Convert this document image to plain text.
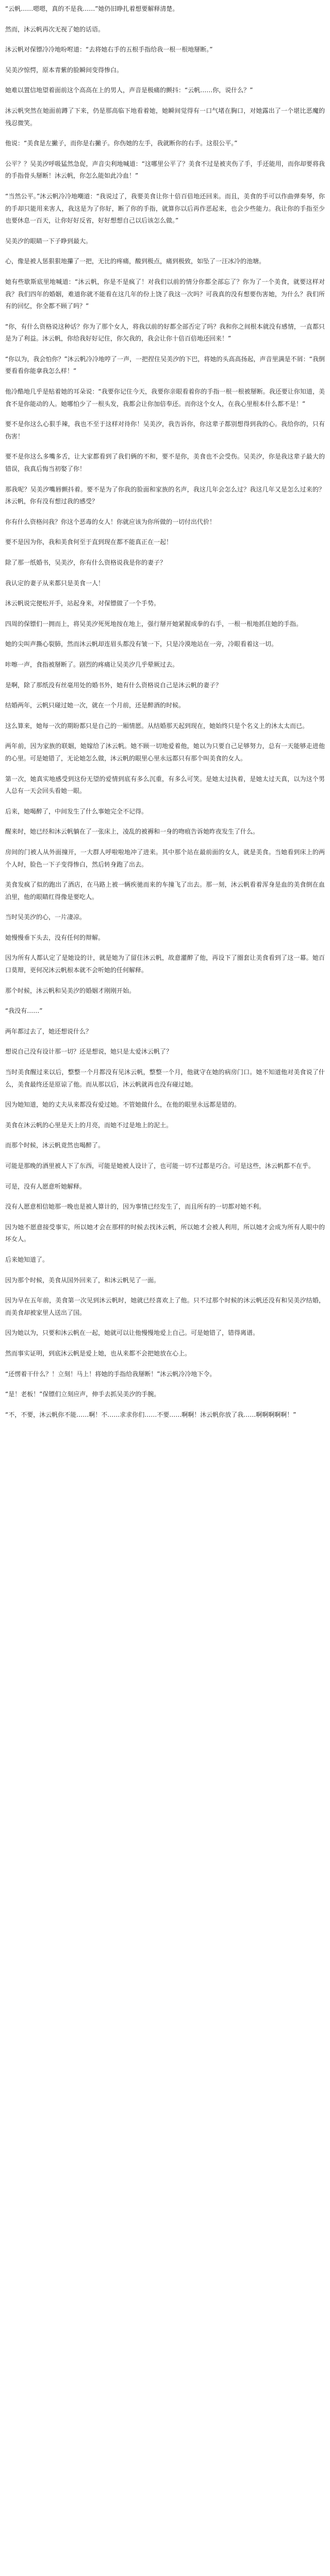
“云帆……嗯嗯，真的不是我……”她仍旧睁扎着想要解释清楚。

然而，沐云帆再次无视了她的话语。

沐云帆对保镖冷冷地吩咐道：“去将她右手的五根手指给我一根一根地掰断。”

吴美汐惊愕，原本青紫的脸瞬间变得惨白。

她难以置信地望着面前这个高高在上的男人，声音是极痛的颤抖：“云帆……你，说什么？”

沐云帆突然在她面前蹲了下来，仍是那高临下地看着她，她瞬间觉得有一口气堵在胸口，对她露出了一个堪比恶魔的残忍微笑。

他说：“美食是左撇子，而你是右撇子。你伤她的左手，我就断你的右手。这很公平。”

公平？？吴美汐呼吸猛然急促，声音尖利地喊道：“这哪里公平了？美食不过是被夹伤了手，手还能用，而你却要将我的手指骨头掰断！沐云帆，你怎么能如此冷血！”

“当然公平。”沐云帆冷冷地嘲道：“我说过了，我要美食让你十倍百倍地还回来。而且，美食的手可以作曲弹奏琴，你的手却只能用来害人，我这是为了你好，断了你的手指，就算你以后再作恶起来，也会少些能力。我让你的手指至少也要休息一百天，让你好好反省，好好想想自己以后该怎么做。”

吴美汐的眼睛一下子睁到最大。

心，像是被人惩狠狠地攥了一把，无比的疼痛，酸到极点，痛到极致，如坠了一汪冰冷的池塘。

她有些歇斯底里地喊道：“沐云帆，你是不是疯了！对我们以前的情分你都全部忘了？你为了一个美食，就要这样对我？我们四年的婚姻，难道你就不能看在这几年的份上饶了我这一次吗？可我真的没有想要伤害她，为什么？我们所有的回忆，你全都不顾了吗？”

“你，有什么资格说这种话？你为了那个女人，将我以前的好都全部否定了吗？我和你之间根本就没有感情，一直都只是为了利益。沐云帆，你给我好好记住，你欠我的，我会让你十倍百倍地还回来！”

“你以为，我会怕你？”沐云帆冷冷地哼了一声，一把捏住吴美汐的下巴，将她的头高高扬起，声音里满是不屑：“我倒要看看你能拿我怎么样！”

他冷酷地几乎是贴着她的耳朵说：“我要你记住今天，我要你亲眼看着你的手指一根一根被掰断。我还要让你知道，美食不是你能动的人。她哪怕少了一根头发，我都会让你加倍奉还。而你这个女人，在我心里根本什么都不是！”

要不是你这么心狠手辣，我也不至于这样对待你！吴美汐，我告诉你，你这辈子都别想得到我的心。我给你的，只有伤害！

要不是你这么多嘴多舌，让大家都看到了我们俩的不和，要不是你，美食也不会受伤。吴美汐，你是我这辈子最大的错误，我真后悔当初娶了你！

那我呢？吴美汐嘴唇颤抖着。要不是为了你我的脸面和家族的名声，我这几年会怎么过？我这几年又是怎么过来的？沐云帆，你有没有想过我的感受？

你有什么资格问我？你这个恶毒的女人！你就应该为你所做的一切付出代价！

要不是因为你，我和美食何至于直到现在都不能真正在一起！

除了那一纸婚书，吴美汐，你有什么资格说我是你的妻子？

我认定的妻子从来都只是美食一人！

沐云帆说完便松开手，站起身来，对保镖做了一个手势。

四周的保镖们一拥而上，将吴美汐死死地按在地上，强行掰开她紧握成拳的右手，一根一根地抓住她的手指。

她的尖叫声撕心裂肺，然而沐云帆却连眉头都没有皱一下，只是冷漠地站在一旁，冷眼看着这一切。

咔嚓一声，食指被掰断了。剧烈的疼痛让吴美汐几乎晕厥过去。

是啊，除了那纸没有丝毫用处的婚书外，她有什么资格说自己是沐云帆的妻子？

结婚两年，云帆只碰过她一次，就在一个月前，还是醉酒的时候。

这么算来，她每一次的期盼都只是自己的一厢情愿。从结婚那天起到现在，她始终只是个名义上的沐太太而已。

两年前，因为家族的联姻，她嫁给了沐云帆。她不顾一切地爱着他，她以为只要自己足够努力，总有一天能够走进他的心里。可是她错了，无论她怎么做，沐云帆的眼里心里永远都只有那个叫美食的女人。

第一次，她真实地感受到这份无望的爱情到底有多么沉重，有多么可笑。是她太过执着，是她太过天真，以为这个男人总有一天会回头看她一眼。

后来，她喝醉了，中间发生了什么事她完全不记得。

醒来时，她已经和沐云帆躺在了一张床上，凌乱的被褥和一身的吻痕告诉她昨夜发生了什么。

房间的门被人从外面撞开，一大群人呼啦啦地冲了进来。其中那个站在最前面的女人，就是美食。当她看到床上的两个人时，脸色一下子变得惨白，然后转身跑了出去。

美食发疯了似的跑出了酒店，在马路上被一辆疾驰而来的车撞飞了出去。那一刻，沐云帆看着浑身是血的美食倒在血泊里，他的眼睛红得像是要吃人。

当时吴美汐的心，一片凄凉。

她慢慢垂下头去，没有任何的辩解。

因为所有人都认定了是她设的计，就是她为了留住沐云帆，故意灌醉了他，再设下了圈套让美食看到了这一幕。她百口莫辩，更何况沐云帆根本就不会听她的任何解释。

那个时候，沐云帆和吴美汐的婚姻才刚刚开始。

“我没有……”

两年都过去了，她还想说什么？

想说自己没有设计那一切？还是想说，她只是太爱沐云帆了？

当时美食醒过来以后，整整一个月都没有见沐云帆，整整一个月，他就守在她的病房门口。她不知道他对美食说了什么，美食最终还是原谅了他。而从那以后，沐云帆就再也没有碰过她。

因为她知道，她的丈夫从来都没有爱过她。不管她做什么，在他的眼里永远都是错的。

美食在沐云帆的心里是天上的月亮，而她不过是地上的泥土。

而那个时候，沐云帆竟然也喝醉了。

可能是那晚的酒里被人下了东西，可能是她被人设计了，也可能一切不过都是巧合。可是这些，沐云帆都不在乎。

可是，没有人愿意听她解释。

没有人愿意相信她那一晚也是被人算计的，因为事情已经发生了，而且所有的一切都对她不利。

因为她不愿意接受事实，所以她才会在那样的时候去找沐云帆，所以她才会被人利用，所以她才会成为所有人眼中的坏女人。

后来她知道了。

因为那个时候，美食从国外回来了，和沐云帆见了一面。

因为早在五年前，美食第一次见到沐云帆时，她就已经喜欢上了他。只不过那个时候的沐云帆还没有和吴美汐结婚，而美食却被家里人送出了国。

因为她以为，只要和沐云帆在一起，她就可以让他慢慢地爱上自己。可是她错了，错得离谱。

然而事实证明，到底沐云帆是爱上她，也从来都不会把她放在心上。

“还愣着干什么？！立刻！马上！将她的手指给我掰断！”沐云帆冷冷地下令。

“是！老板！”保镖们立刻应声，伸手去抓吴美汐的手腕。

“不，不要，沐云帆你不能……啊！不……求求你们……不要……啊啊！沐云帆你放了我……啊啊啊啊啊！”
